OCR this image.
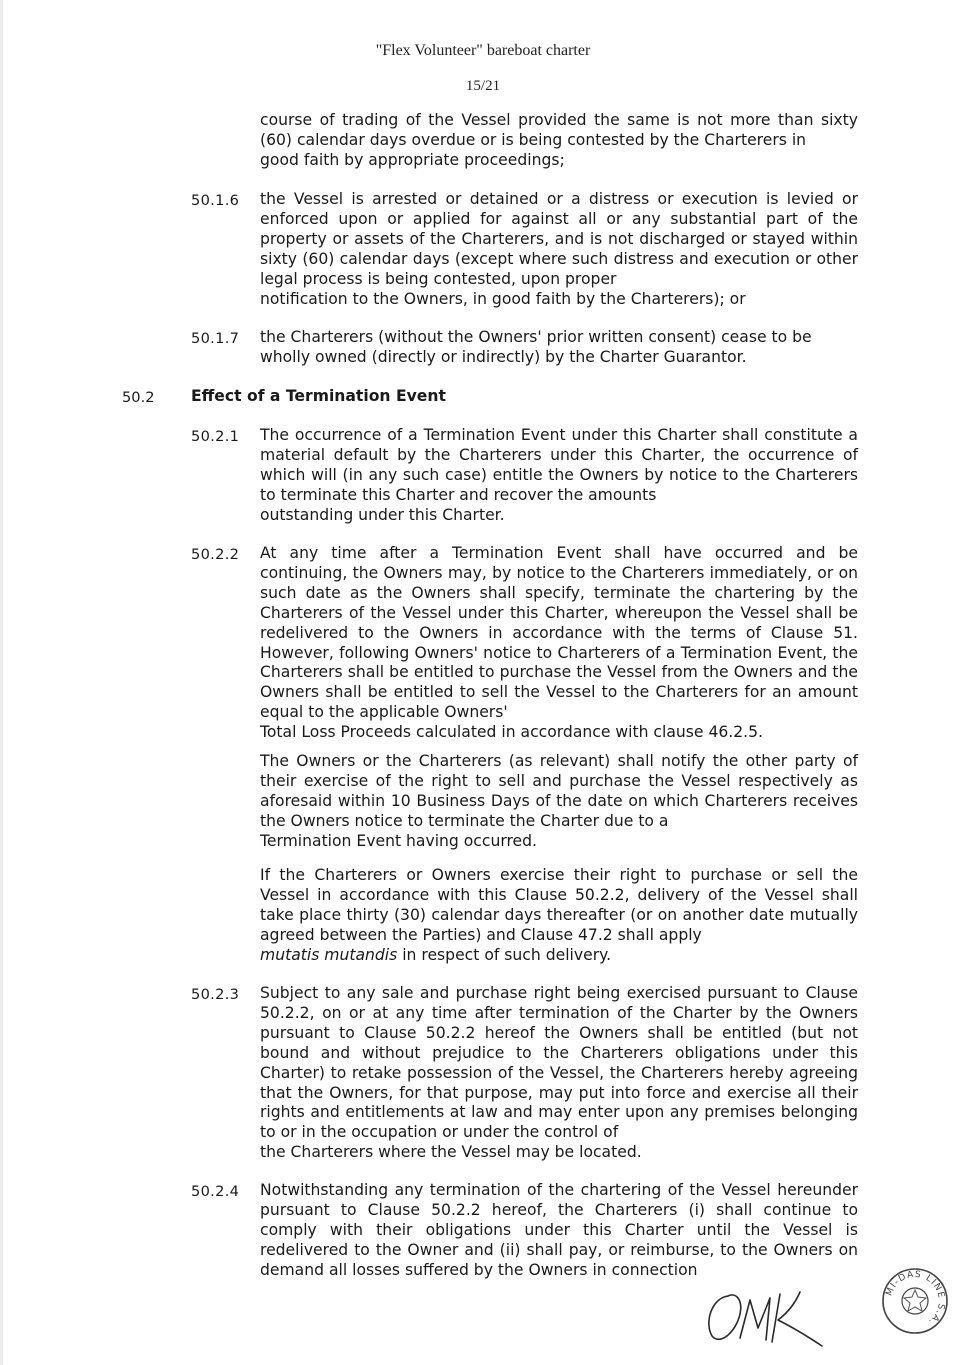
"Flex Volunteer" bareboat charter
15/21

course of trading of the Vessel provided the same is not more than sixty (60) calendar days overdue or is being contested by the Charterers in
good faith by appropriate proceedings;

50.1.6 the Vessel is arrested or detained or a distress or execution is levied or enforced upon or applied for against all or any substantial part of the property or assets of the Charterers, and is not discharged or stayed within sixty (60) calendar days (except where such distress and execution or other legal process is being contested, upon proper
notification to the Owners, in good faith by the Charterers); or

50.1.7 the Charterers (without the Owners' prior written consent) cease to be
wholly owned (directly or indirectly) by the Charter Guarantor.

50.2 Effect of a Termination Event
50.2.1 The occurrence of a Termination Event under this Charter shall constitute a material default by the Charterers under this Charter, the occurrence of which will (in any such case) entitle the Owners by notice to the Charterers to terminate this Charter and recover the amounts
outstanding under this Charter.

50.2.2 At any time after a Termination Event shall have occurred and be continuing, the Owners may, by notice to the Charterers immediately, or on such date as the Owners shall specify, terminate the chartering by the Charterers of the Vessel under this Charter, whereupon the Vessel shall be redelivered to the Owners in accordance with the terms of Clause 51. However, following Owners' notice to Charterers of a Termination Event, the Charterers shall be entitled to purchase the Vessel from the Owners and the Owners shall be entitled to sell the Vessel to the Charterers for an amount equal to the applicable Owners'
Total Loss Proceeds calculated in accordance with clause 46.2.5.

The Owners or the Charterers (as relevant) shall notify the other party of their exercise of the right to sell and purchase the Vessel respectively as aforesaid within 10 Business Days of the date on which Charterers receives the Owners notice to terminate the Charter due to a
Termination Event having occurred.

If the Charterers or Owners exercise their right to purchase or sell the Vessel in accordance with this Clause 50.2.2, delivery of the Vessel shall take place thirty (30) calendar days thereafter (or on another date mutually agreed between the Parties) and Clause 47.2 shall apply
mutatis mutandis in respect of such delivery.

50.2.3 Subject to any sale and purchase right being exercised pursuant to Clause 50.2.2, on or at any time after termination of the Charter by the Owners pursuant to Clause 50.2.2 hereof the Owners shall be entitled (but not bound and without prejudice to the Charterers obligations under this Charter) to retake possession of the Vessel, the Charterers hereby agreeing that the Owners, for that purpose, may put into force and exercise all their rights and entitlements at law and may enter upon any premises belonging to or in the occupation or under the control of
the Charterers where the Vessel may be located.

50.2.4 Notwithstanding any termination of the chartering of the Vessel hereunder pursuant to Clause 50.2.2 hereof, the Charterers (i) shall continue to comply with their obligations under this Charter until the Vessel is redelivered to the Owner and (ii) shall pay, or reimburse, to the Owners on demand all losses suffered by the Owners in connection

MI-DAS LINE S.A.
